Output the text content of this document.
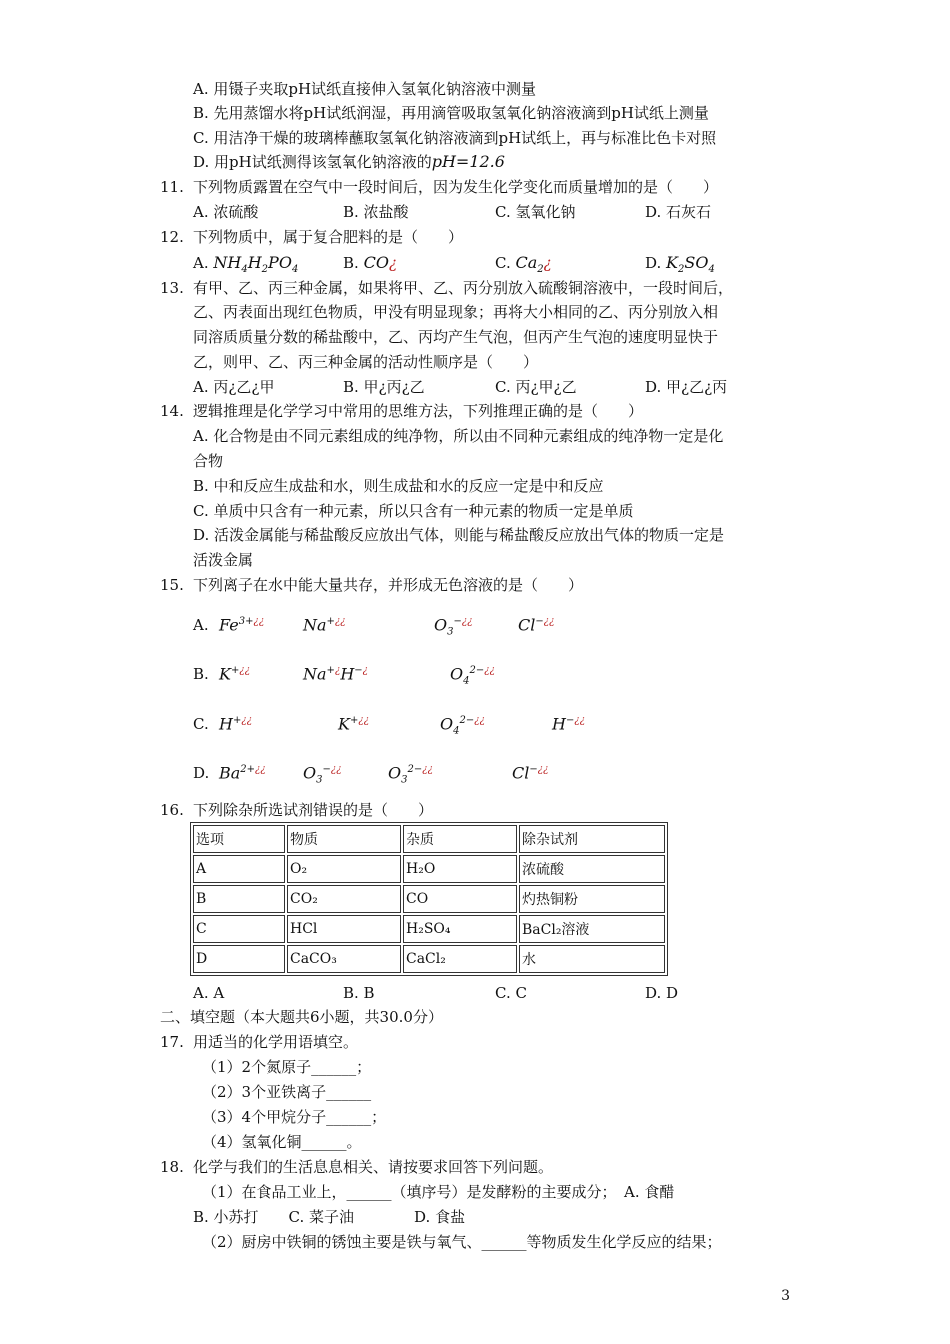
A. 用镊子夹取pH试纸直接伸入氢氧化钠溶液中测量
B. 先用蒸馏水将pH试纸润湿，再用滴管吸取氢氧化钠溶液滴到pH试纸上测量
C. 用洁净干燥的玻璃棒蘸取氢氧化钠溶液滴到pH试纸上，再与标准比色卡对照
D. 用pH试纸测得该氢氧化钠溶液的pH=12.6
11. 下列物质露置在空气中一段时间后，因为发生化学变化而质量增加的是（　　）
A. 浓硫酸	B. 浓盐酸	C. 氢氧化钠	D. 石灰石
12. 下列物质中，属于复合肥料的是（　　）
A. $NH_4H_2PO_4$	B. CO¿	C. $Ca_2¿$	D. $K_2SO_4$
13. 有甲、乙、丙三种金属，如果将甲、乙、丙分别放入硫酸铜溶液中，一段时间后，
乙、丙表面出现红色物质，甲没有明显现象；再将大小相同的乙、丙分别放入相
同溶质质量分数的稀盐酸中，乙、丙均产生气泡，但丙产生气泡的速度明显快于
乙，则甲、乙、丙三种金属的活动性顺序是（　　）
A. 丙¿乙¿甲	B. 甲¿丙¿乙	C. 丙¿甲¿乙	D. 甲¿乙¿丙
14. 逻辑推理是化学学习中常用的思维方法，下列推理正确的是（　　）
A. 化合物是由不同元素组成的纯净物，所以由不同种元素组成的纯净物一定是化
合物
B. 中和反应生成盐和水，则生成盐和水的反应一定是中和反应
C. 单质中只含有一种元素，所以只含有一种元素的物质一定是单质
D. 活泼金属能与稀盐酸反应放出气体，则能与稀盐酸反应放出气体的物质一定是
活泼金属
15. 下列离子在水中能大量共存，并形成无色溶液的是（　　）
A. $Fe^{3+¿¿}$ Na+¿¿	$O_3^{-¿¿}$	Cl−¿¿
B. K+¿¿	Na+¿H−¿	$O_4^{2-¿¿}$
C. H+¿¿	K+¿¿	$O_4^{2-¿¿}$	H−¿¿
D. $Ba^{2+¿¿}$ $O_3^{-¿¿}$	$O_3^{2-¿¿}$	Cl−¿¿
16. 下列除杂所选试剂错误的是（　　）
选项	物质	杂质	除杂试剂
A	O₂	H₂O	浓硫酸
B	CO₂	CO	灼热铜粉
C	HCl	H₂SO₄	BaCl₂溶液
D	CaCO₃	CaCl₂	水
A. A	B. B	C. C	D. D
二、填空题（本大题共6小题，共30.0分）
17. 用适当的化学用语填空。
（1）2个氮原子______；
（2）3个亚铁离子______
（3）4个甲烷分子______；
（4）氢氧化铜______。
18. 化学与我们的生活息息相关、请按要求回答下列问题。
（1）在食品工业上，______（填序号）是发酵粉的主要成分；　A. 食醋
B. 小苏打　　C. 菜子油　　　　D. 食盐
（2）厨房中铁铜的锈蚀主要是铁与氧气、______等物质发生化学反应的结果；
3
